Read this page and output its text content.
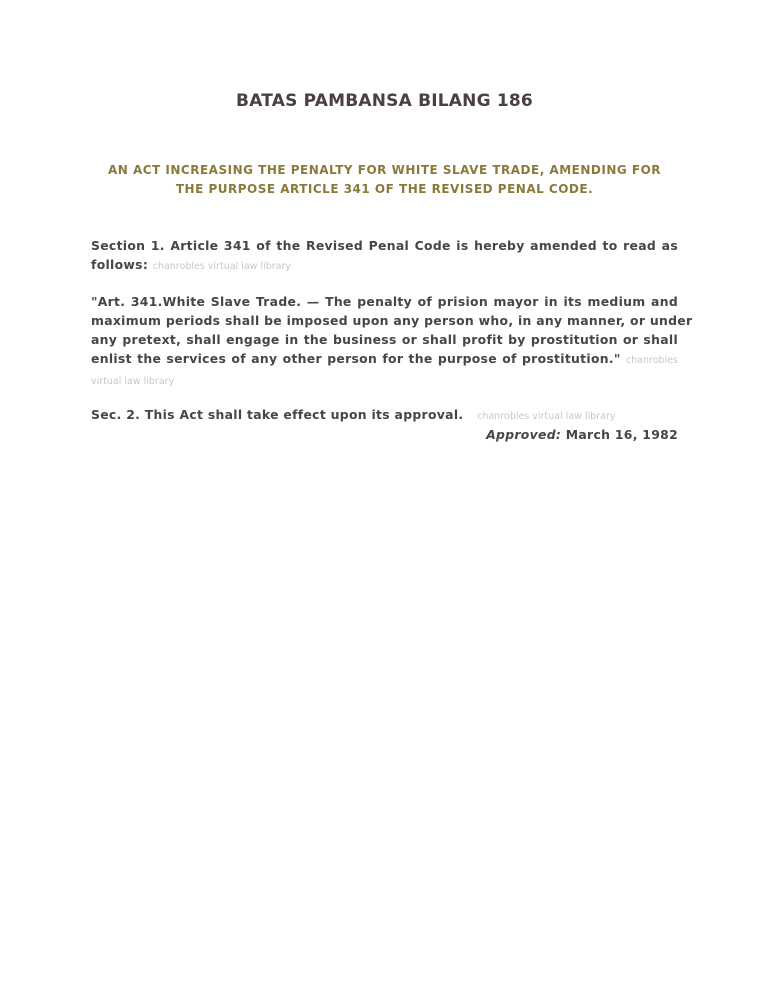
BATAS PAMBANSA BILANG 186
AN ACT INCREASING THE PENALTY FOR WHITE SLAVE TRADE, AMENDING FOR
THE PURPOSE ARTICLE 341 OF THE REVISED PENAL CODE.
Section 1. Article 341 of the Revised Penal Code is hereby amended to read as
follows: chanrobles virtual law library
"Art. 341.White Slave Trade. — The penalty of prision mayor in its medium and
maximum periods shall be imposed upon any person who, in any manner, or under
any pretext, shall engage in the business or shall profit by prostitution or shall
enlist the services of any other person for the purpose of prostitution." chanrobles
virtual law library
Sec. 2. This Act shall take effect upon its approval. chanrobles virtual law library
Approved: March 16, 1982
